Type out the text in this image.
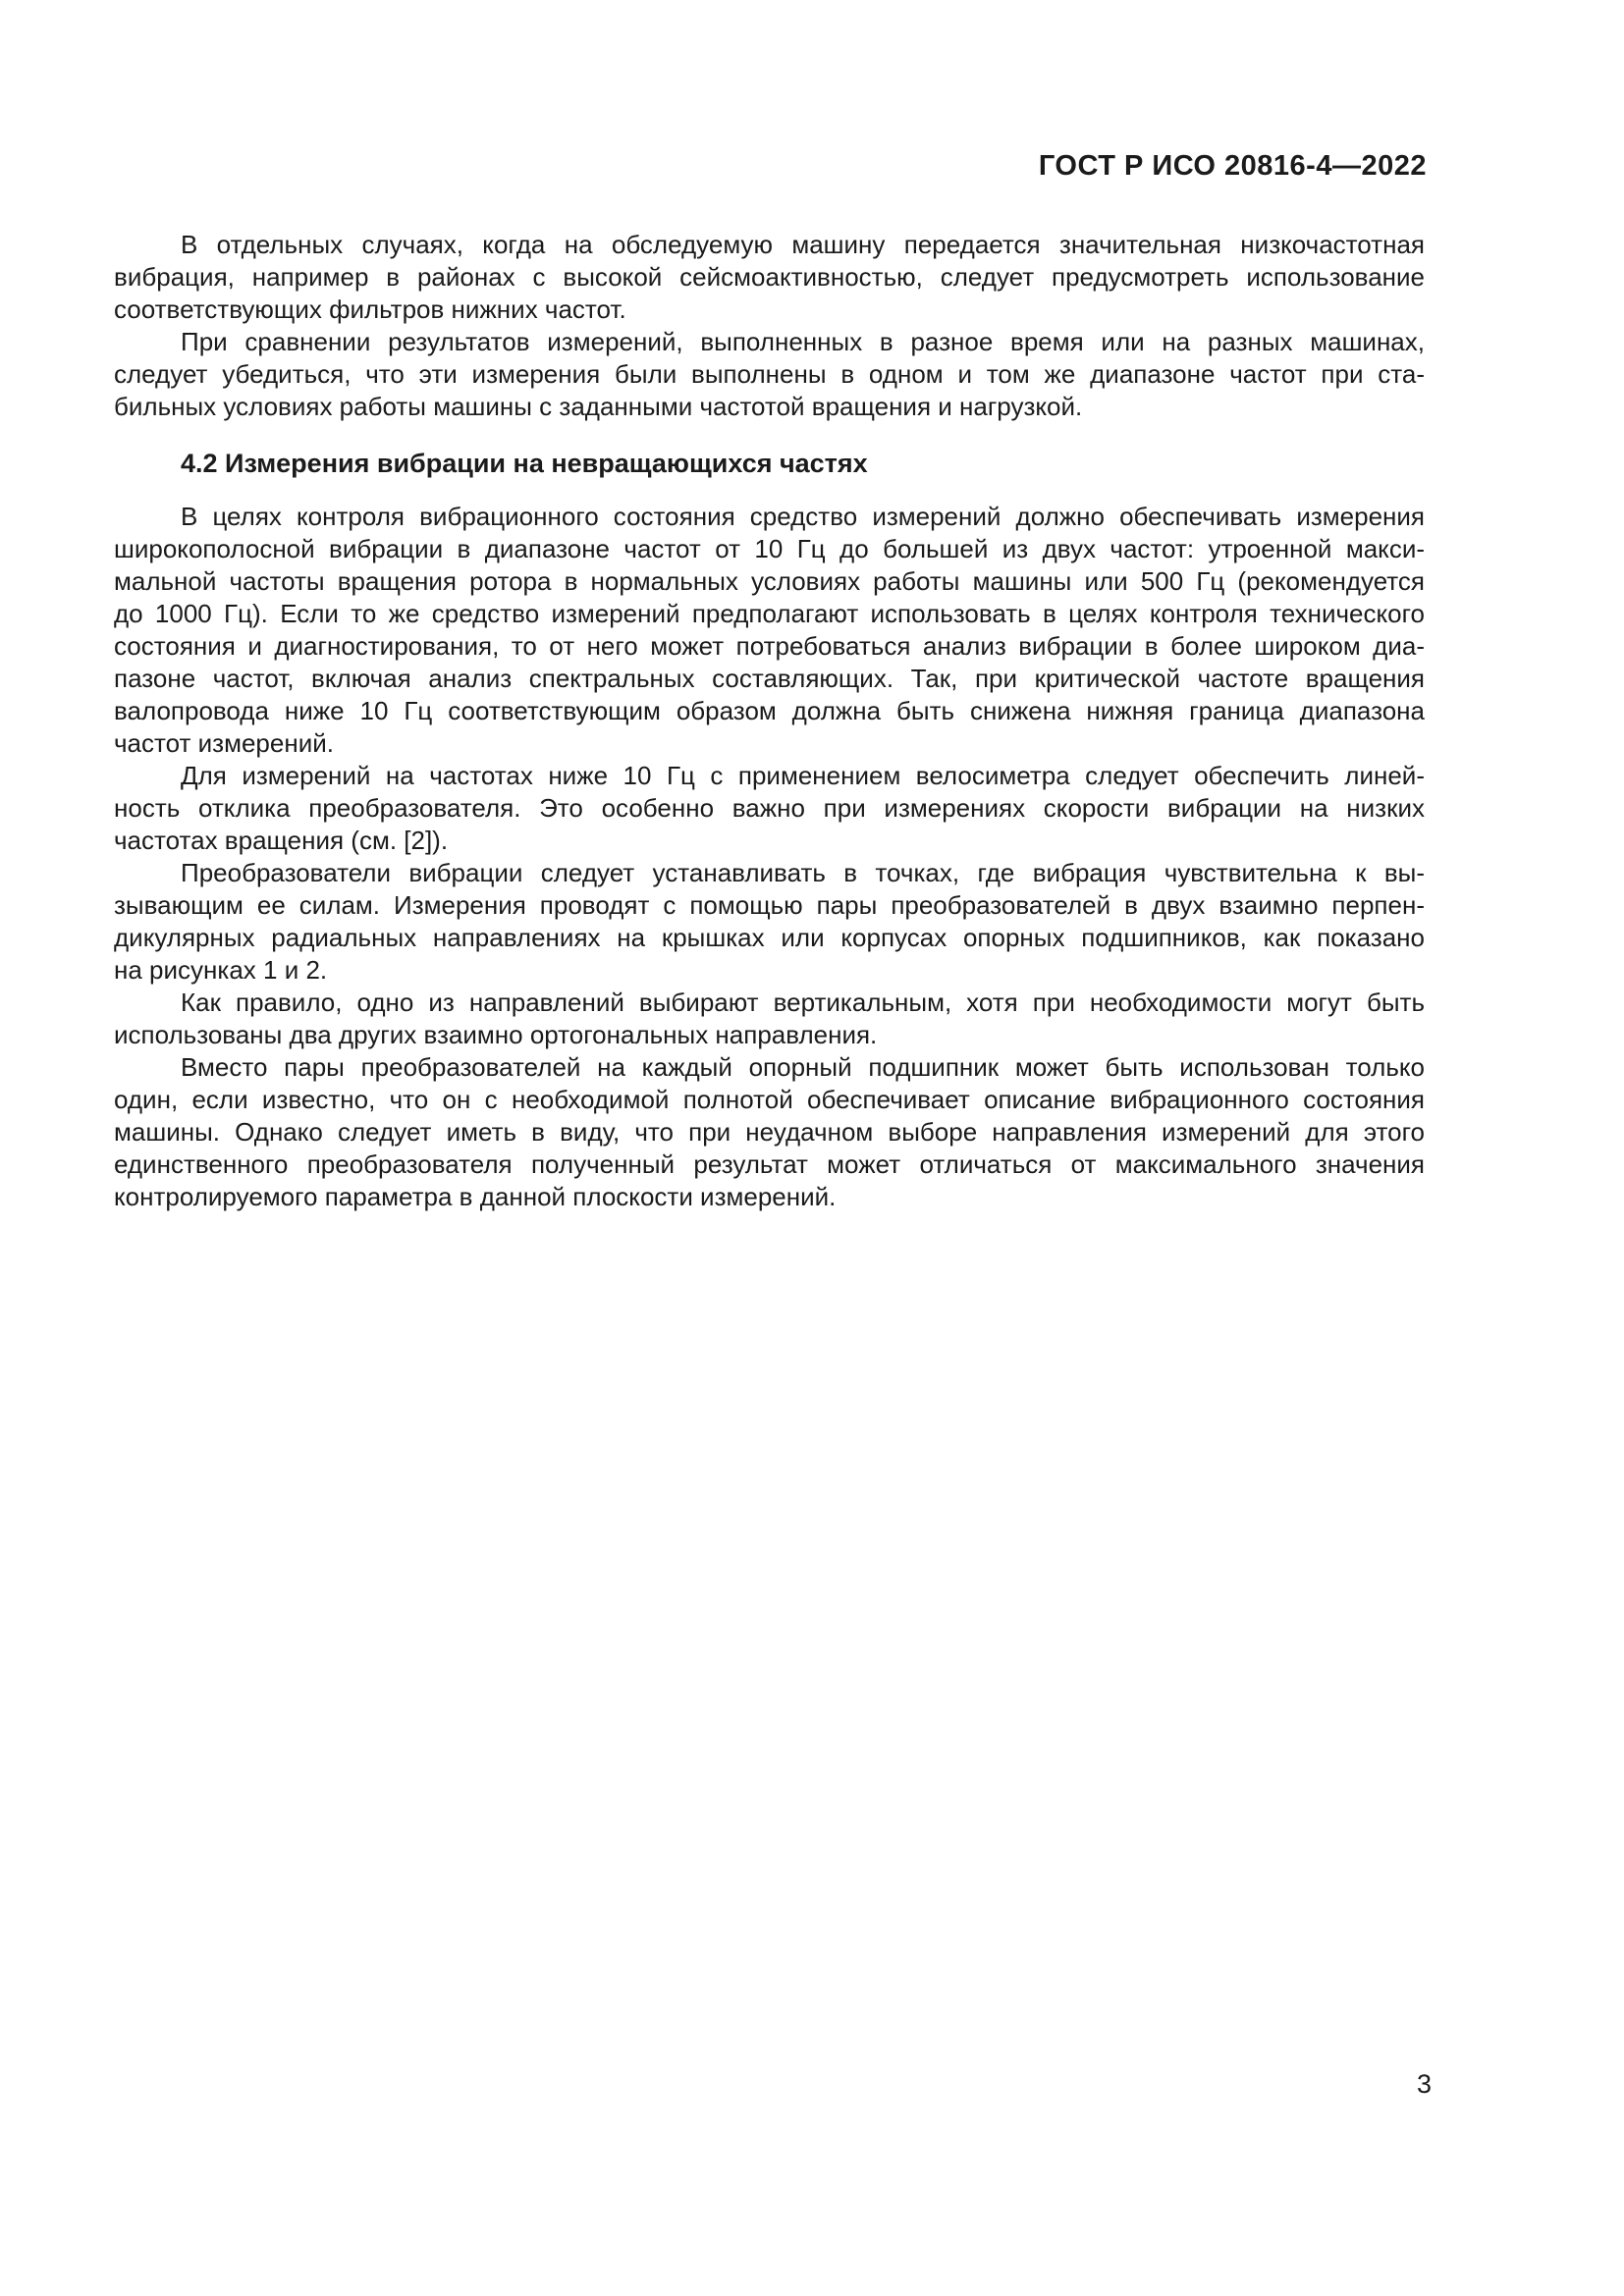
ГОСТ Р ИСО 20816-4—2022
В отдельных случаях, когда на обследуемую машину передается значительная низкочастотная
вибрация, например в районах с высокой сейсмоактивностью, следует предусмотреть использование
соответствующих фильтров нижних частот.
При сравнении результатов измерений, выполненных в разное время или на разных машинах,
следует убедиться, что эти измерения были выполнены в одном и том же диапазоне частот при ста-
бильных условиях работы машины с заданными частотой вращения и нагрузкой.
4.2 Измерения вибрации на невращающихся частях
В целях контроля вибрационного состояния средство измерений должно обеспечивать измерения
широкополосной вибрации в диапазоне частот от 10 Гц до большей из двух частот: утроенной макси-
мальной частоты вращения ротора в нормальных условиях работы машины или 500 Гц (рекомендуется
до 1000 Гц). Если то же средство измерений предполагают использовать в целях контроля технического
состояния и диагностирования, то от него может потребоваться анализ вибрации в более широком диа-
пазоне частот, включая анализ спектральных составляющих. Так, при критической частоте вращения
валопровода ниже 10 Гц соответствующим образом должна быть снижена нижняя граница диапазона
частот измерений.
Для измерений на частотах ниже 10 Гц с применением велосиметра следует обеспечить линей-
ность отклика преобразователя. Это особенно важно при измерениях скорости вибрации на низких
частотах вращения (см. [2]).
Преобразователи вибрации следует устанавливать в точках, где вибрация чувствительна к вы-
зывающим ее силам. Измерения проводят с помощью пары преобразователей в двух взаимно перпен-
дикулярных радиальных направлениях на крышках или корпусах опорных подшипников, как показано
на рисунках 1 и 2.
Как правило, одно из направлений выбирают вертикальным, хотя при необходимости могут быть
использованы два других взаимно ортогональных направления.
Вместо пары преобразователей на каждый опорный подшипник может быть использован только
один, если известно, что он с необходимой полнотой обеспечивает описание вибрационного состояния
машины. Однако следует иметь в виду, что при неудачном выборе направления измерений для этого
единственного преобразователя полученный результат может отличаться от максимального значения
контролируемого параметра в данной плоскости измерений.
3
